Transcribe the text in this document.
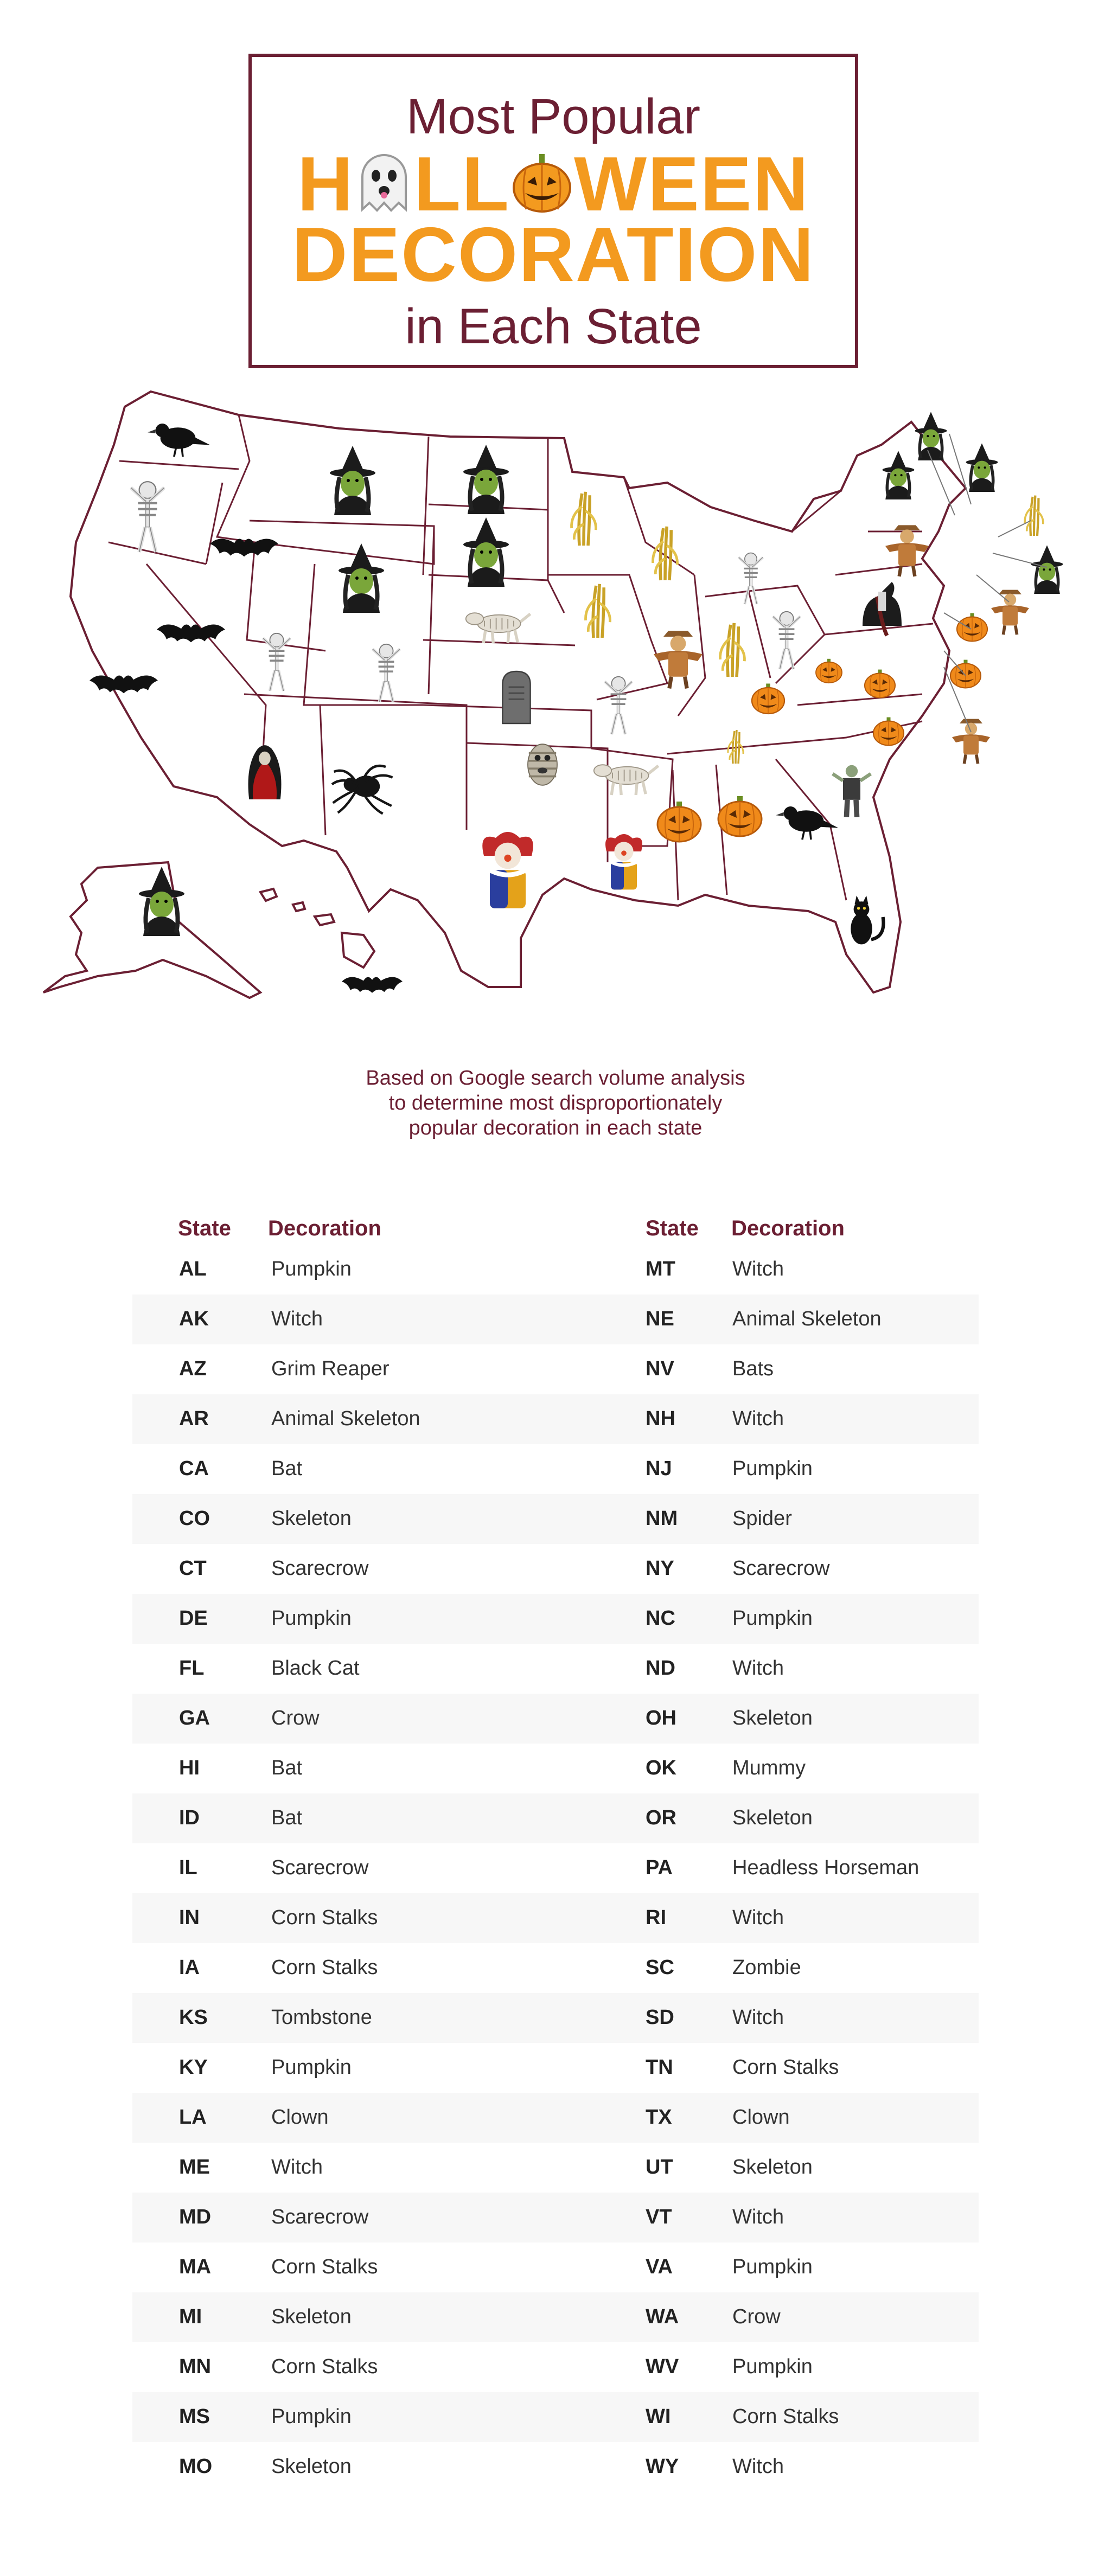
Most Popular
H LL WEEN
DECORATION
in Each State
Based on Google search volume analysis
to determine most disproportionately
popular decoration in each state
State Decoration
AL	Pumpkin
AK	Witch
AZ	Grim Reaper
AR	Animal Skeleton
CA	Bat
CO	Skeleton
CT	Scarecrow
DE	Pumpkin
FL	Black Cat
GA	Crow
HI	Bat
ID	Bat
IL	Scarecrow
IN	Corn Stalks
IA	Corn Stalks
KS	Tombstone
KY	Pumpkin
LA	Clown
ME	Witch
MD	Scarecrow
MA	Corn Stalks
MI	Skeleton
MN	Corn Stalks
MS	Pumpkin
MO	Skeleton
State Decoration
MT	Witch
NE	Animal Skeleton
NV	Bats
NH	Witch
NJ	Pumpkin
NM	Spider
NY	Scarecrow
NC	Pumpkin
ND	Witch
OH	Skeleton
OK	Mummy
OR	Skeleton
PA	Headless Horseman
RI	Witch
SC	Zombie
SD	Witch
TN	Corn Stalks
TX	Clown
UT	Skeleton
VT	Witch
VA	Pumpkin
WA	Crow
WV	Pumpkin
WI	Corn Stalks
WY	Witch
